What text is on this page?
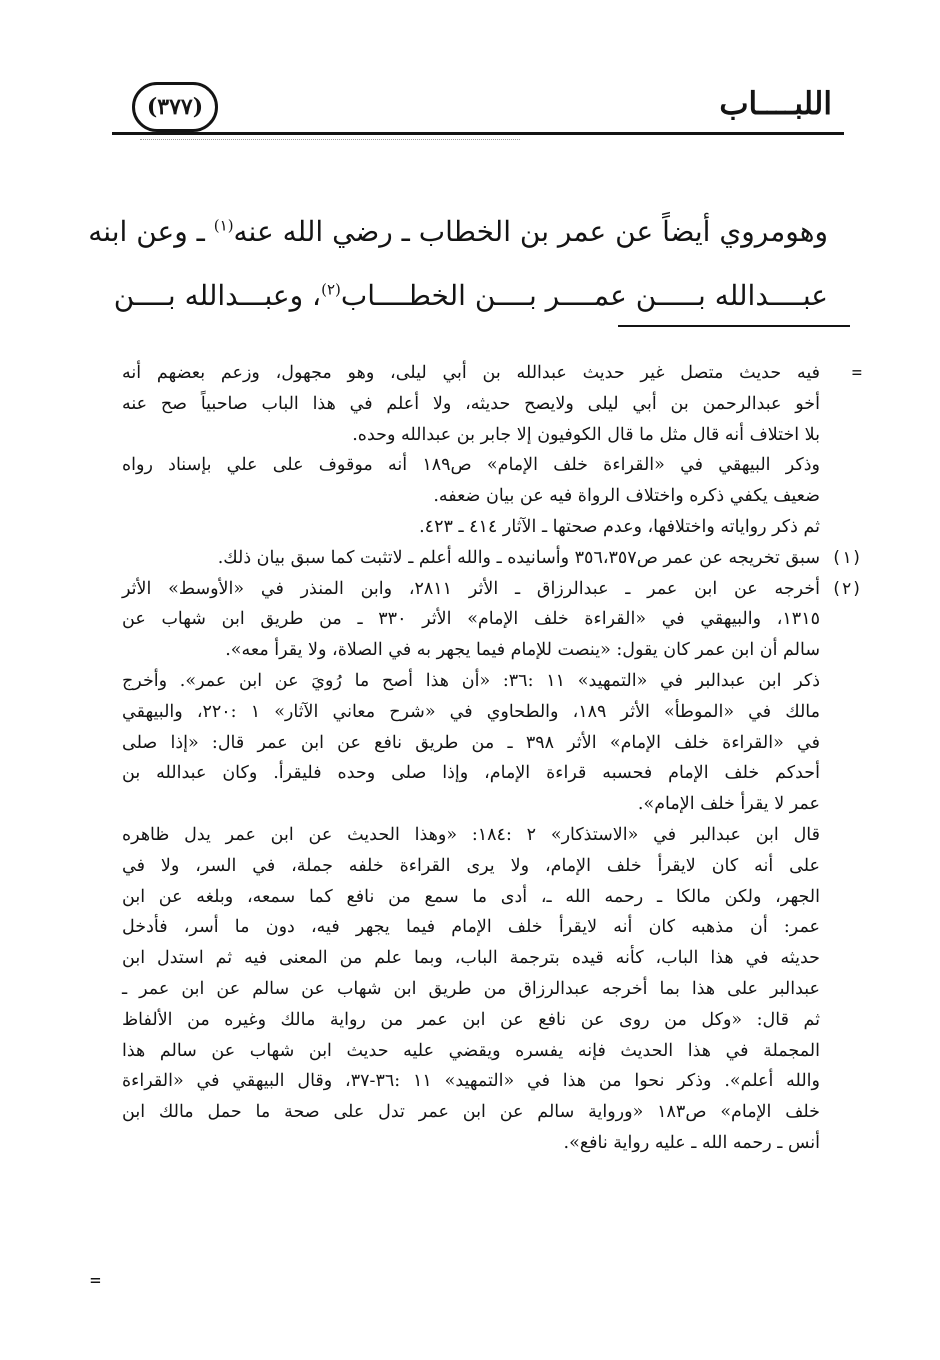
اللبــــاب
(٣٧٧)
وهومروي أيضاً عن عمر بن الخطاب ـ رضي الله عنه$^{(١)}$ ـ وعن ابنه
عبــــدالله بـــــن عمــــر بــــن الخطــــاب$^{(٢)}$، وعبـــدالله بــــن
=
فيه حديث متصل غير حديث عبدالله بن أبي ليلى، وهو مجهول، وزعم بعضهم أنه
أخو عبدالرحمن بن أبي ليلى ولايصح حديثه، ولا أعلم في هذا الباب صاحبياً صح عنه
بلا اختلاف أنه قال مثل ما قال الكوفيون إلا جابر بن عبدالله وحده.
وذكر البيهقي في «القراءة خلف الإمام» ص١٨٩ أنه موقوف على علي بإسناد رواه
ضعيف يكفي ذكره واختلاف الرواة فيه عن بيان ضعفه.
ثم ذكر رواياته واختلافها، وعدم صحتها ـ الآثار ٤١٤ ـ ٤٢٣.
(١)
سبق تخريجه عن عمر ص٣٥٦،٣٥٧ وأسانيده ـ والله أعلم ـ لاتثبت كما سبق بيان ذلك.
(٢)
أخرجه عن ابن عمر ـ عبدالرزاق ـ الأثر ٢٨١١، وابن المنذر في «الأوسط» الأثر
١٣١٥، والبيهقي في «القراءة خلف الإمام» الأثر ٣٣٠ ـ من طريق ابن شهاب عن
سالم أن ابن عمر كان يقول: «ينصت للإمام فيما يجهر به في الصلاة، ولا يقرأ معه».
ذكر ابن عبدالبر في «التمهيد» ١١ :٣٦: «أن هذا أصح ما رُويَ عن ابن عمر». وأخرج
مالك في «الموطأ» الأثر ١٨٩، والطحاوي في «شرح معاني الآثار» ١ :٢٢٠، والبيهقي
في «القراءة خلف الإمام» الأثر ٣٩٨ ـ من طريق نافع عن ابن عمر قال: «إذا صلى
أحدكم خلف الإمام فحسبه قراءة الإمام، وإذا صلى وحده فليقرأ. وكان عبدالله بن
عمر لا يقرأ خلف الإمام».
قال ابن عبدالبر في «الاستذكار» ٢ :١٨٤: «وهذا الحديث عن ابن عمر يدل ظاهره
على أنه كان لايقرأ خلف الإمام، ولا يرى القراءة خلفه جملة، في السر، ولا في
الجهر، ولكن مالكا ـ رحمه الله ـ، أدى ما سمع من نافع كما سمعه، وبلغه عن ابن
عمر: أن مذهبه كان أنه لايقرأ خلف الإمام فيما يجهر فيه، دون ما أسر، فأدخل
حديثه في هذا الباب، كأنه قيده بترجمة الباب، وبما علم من المعنى فيه ثم استدل ابن
عبدالبر على هذا بما أخرجه عبدالرزاق من طريق ابن شهاب عن سالم عن ابن عمر ـ
ثم قال: «وكل من روى عن نافع عن ابن عمر من رواية مالك وغيره من الألفاظ
المجملة في هذا الحديث فإنه يفسره ويقضي عليه حديث ابن شهاب عن سالم هذا
والله أعلم». وذكر نحوا من هذا في «التمهيد» ١١ :٣٦-٣٧، وقال البيهقي في «القراءة
خلف الإمام» ص١٨٣ «ورواية سالم عن ابن عمر تدل على صحة ما حمل مالك ابن
أنس ـ رحمه الله ـ عليه رواية نافع».
=
